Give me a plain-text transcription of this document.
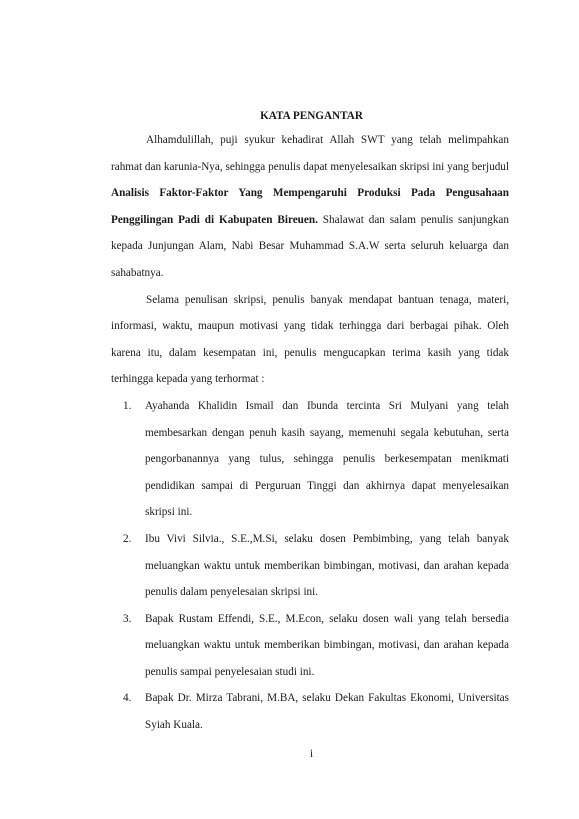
KATA PENGANTAR

Alhamdulillah, puji syukur kehadirat Allah SWT yang telah melimpahkan rahmat dan karunia-Nya, sehingga penulis dapat menyelesaikan skripsi ini yang berjudul Analisis Faktor-Faktor Yang Mempengaruhi Produksi Pada Pengusahaan Penggilingan Padi di Kabupaten Bireuen. Shalawat dan salam penulis sanjungkan kepada Junjungan Alam, Nabi Besar Muhammad S.A.W serta seluruh keluarga dan sahabatnya.

Selama penulisan skripsi, penulis banyak mendapat bantuan tenaga, materi, informasi, waktu, maupun motivasi yang tidak terhingga dari berbagai pihak. Oleh karena itu, dalam kesempatan ini, penulis mengucapkan terima kasih yang tidak terhingga kepada yang terhormat :

1. Ayahanda Khalidin Ismail dan Ibunda tercinta Sri Mulyani yang telah membesarkan dengan penuh kasih sayang, memenuhi segala kebutuhan, serta pengorbanannya yang tulus, sehingga penulis berkesempatan menikmati pendidikan sampai di Perguruan Tinggi dan akhirnya dapat menyelesaikan skripsi ini.
2. Ibu Vivi Silvia., S.E.,M.Si, selaku dosen Pembimbing, yang telah banyak meluangkan waktu untuk memberikan bimbingan, motivasi, dan arahan kepada penulis dalam penyelesaian skripsi ini.
3. Bapak Rustam Effendi, S.E., M.Econ, selaku dosen wali yang telah bersedia meluangkan waktu untuk memberikan bimbingan, motivasi, dan arahan kepada penulis sampai penyelesaian studi ini.
4. Bapak Dr. Mirza Tabrani, M.BA, selaku Dekan Fakultas Ekonomi, Universitas Syiah Kuala.
i
